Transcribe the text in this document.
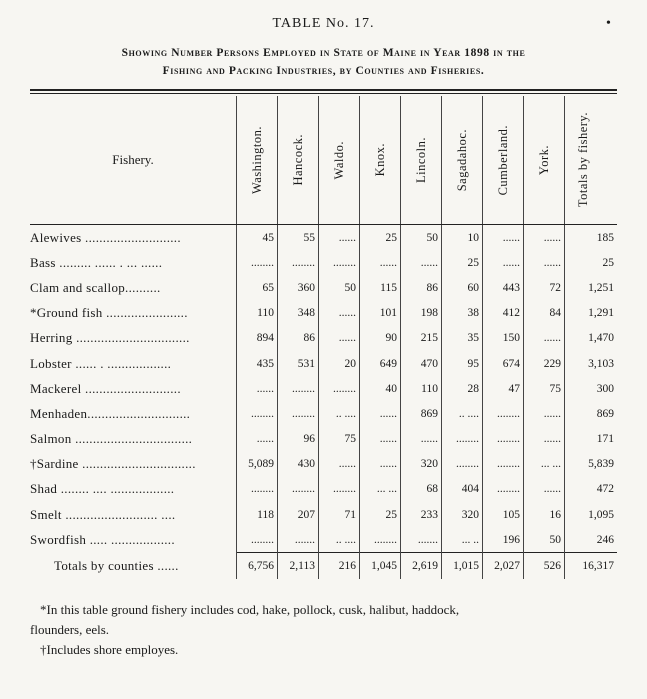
TABLE No. 17.	•
Showing Number Persons Employed in State of Maine in Year 1898 in the
Fishing and Packing Industries, by Counties and Fisheries.
Fishery.	Washington.	Hancock.	Waldo.	Knox.	Lincoln.	Sagadahoc.	Cumberland.	York.	Totals by fishery.

Alewives ...........................	45	55	......	25	50	10	......	......	185
Bass ......... ...... . ... ......	........	........	........	......	......	25	......	......	25
Clam and scallop..........	65	360	50	115	86	60	443	72	1,251
*Ground fish .......................	110	348	......	101	198	38	412	84	1,291
Herring ................................	894	86	......	90	215	35	150	......	1,470
Lobster ...... . ..................	435	531	20	649	470	95	674	229	3,103
Mackerel ...........................	......	........	........	40	110	28	47	75	300
Menhaden.............................	........	........	.. ....	......	869	.. ....	........	......	869
Salmon .................................	......	96	75	......	......	........	........	......	171
†Sardine ................................	5,089	430	......	......	320	........	........	... ...	5,839
Shad ........ .... ..................	........	........	........	... ...	68	404	........	......	472
Smelt .......................... ....	118	207	71	25	233	320	105	16	1,095
Swordfish ..... ..................	........	.......	.. ....	........	.......	... ..	196	50	246
Totals by counties ......	6,756	2,113	216	1,045	2,619	1,015	2,027	526	16,317

*In this table ground fishery includes cod, hake, pollock, cusk, halibut, haddock,

flounders, eels.

†Includes shore employes.
